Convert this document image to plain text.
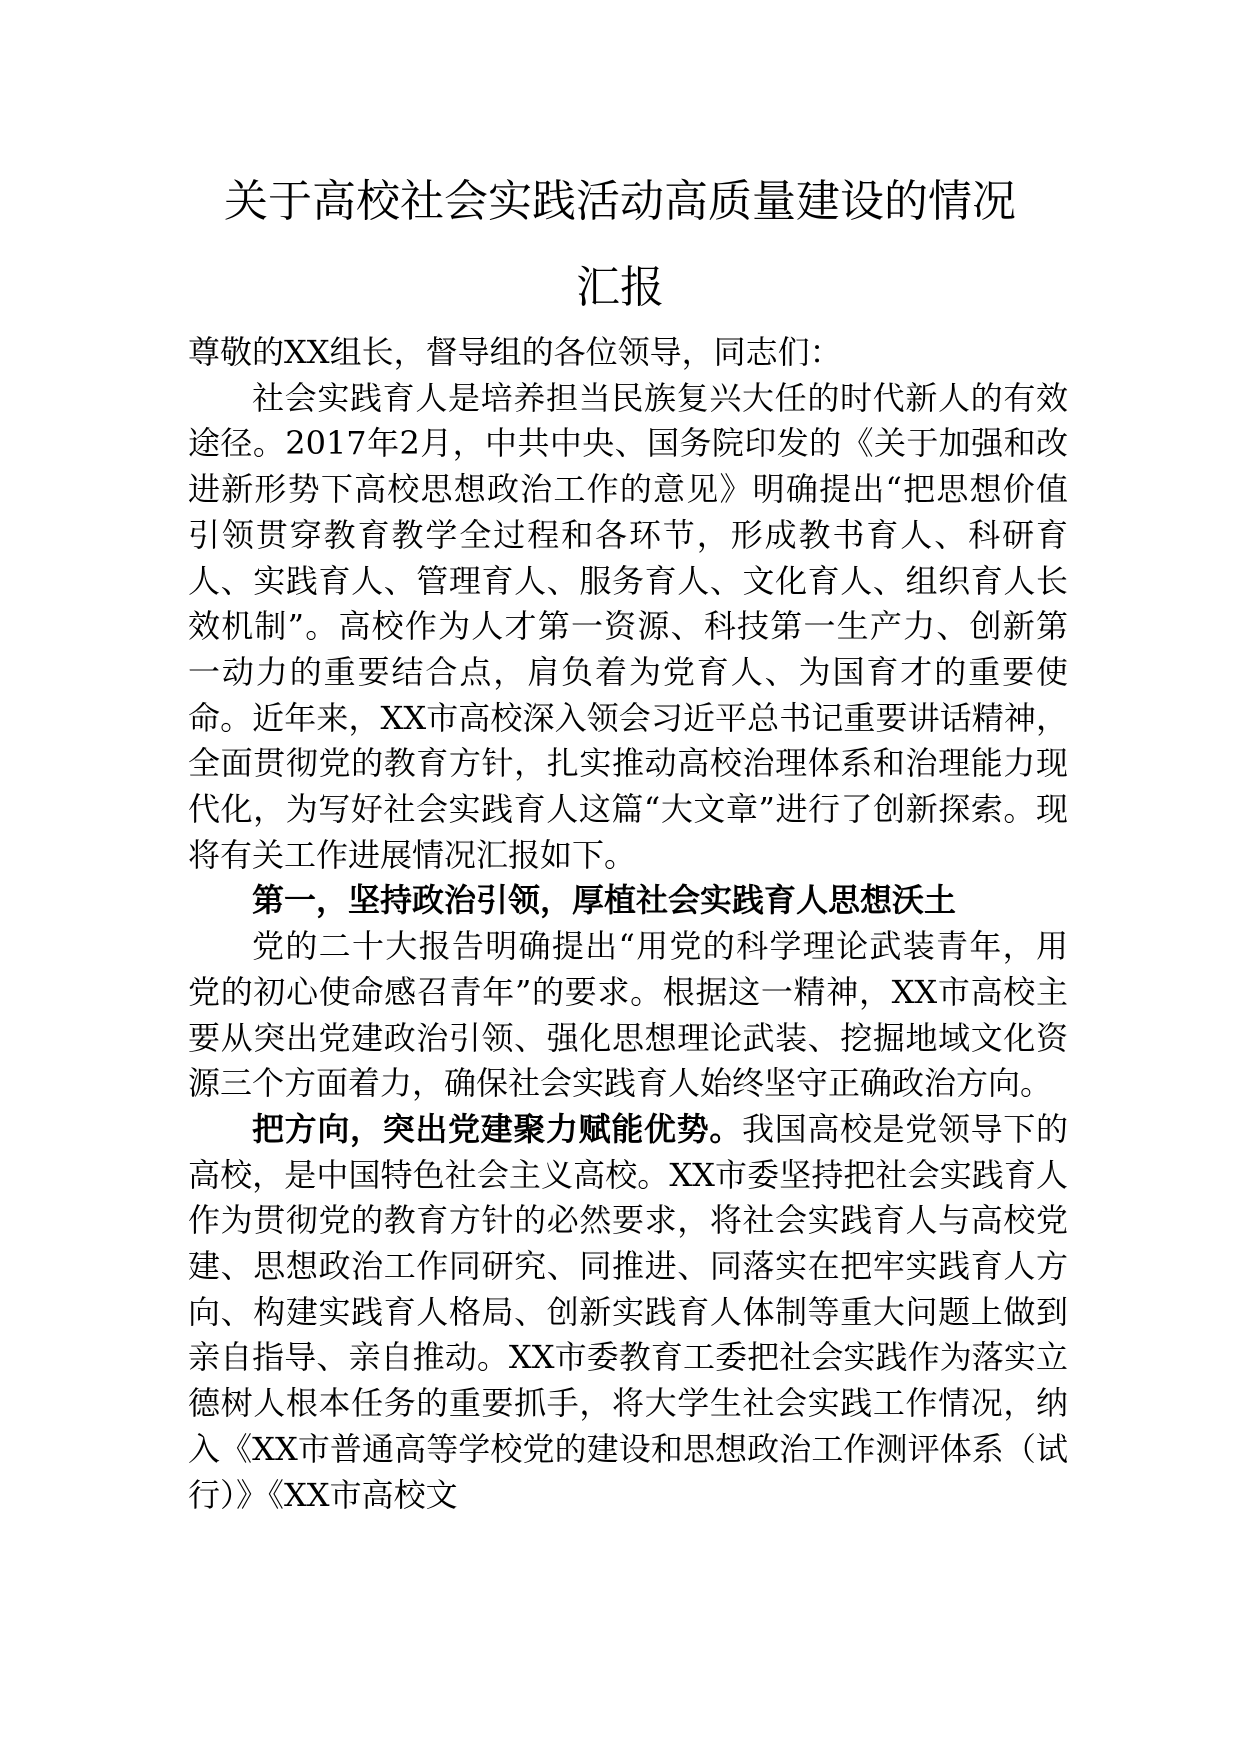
关于高校社会实践活动高质量建设的情况
汇报

尊敬的XX组长，督导组的各位领导，同志们：

社会实践育人是培养担当民族复兴大任的时代新人的有效途径。2017年2月，中共中央、国务院印发的《关于加强和改进新形势下高校思想政治工作的意见》明确提出“把思想价值引领贯穿教育教学全过程和各环节，形成教书育人、科研育人、实践育人、管理育人、服务育人、文化育人、组织育人长效机制”。高校作为人才第一资源、科技第一生产力、创新第一动力的重要结合点，肩负着为党育人、为国育才的重要使命。近年来，XX市高校深入领会习近平总书记重要讲话精神，全面贯彻党的教育方针，扎实推动高校治理体系和治理能力现代化，为写好社会实践育人这篇“大文章”进行了创新探索。现将有关工作进展情况汇报如下。

第一，坚持政治引领，厚植社会实践育人思想沃土

党的二十大报告明确提出“用党的科学理论武装青年，用党的初心使命感召青年”的要求。根据这一精神，XX市高校主要从突出党建政治引领、强化思想理论武装、挖掘地域文化资源三个方面着力，确保社会实践育人始终坚守正确政治方向。

把方向，突出党建聚力赋能优势。我国高校是党领导下的高校，是中国特色社会主义高校。XX市委坚持把社会实践育人作为贯彻党的教育方针的必然要求，将社会实践育人与高校党建、思想政治工作同研究、同推进、同落实在把牢实践育人方向、构建实践育人格局、创新实践育人体制等重大问题上做到亲自指导、亲自推动。XX市委教育工委把社会实践作为落实立德树人根本任务的重要抓手，将大学生社会实践工作情况，纳入《XX市普通高等学校党的建设和思想政治工作测评体系（试行）》《XX市高校文
